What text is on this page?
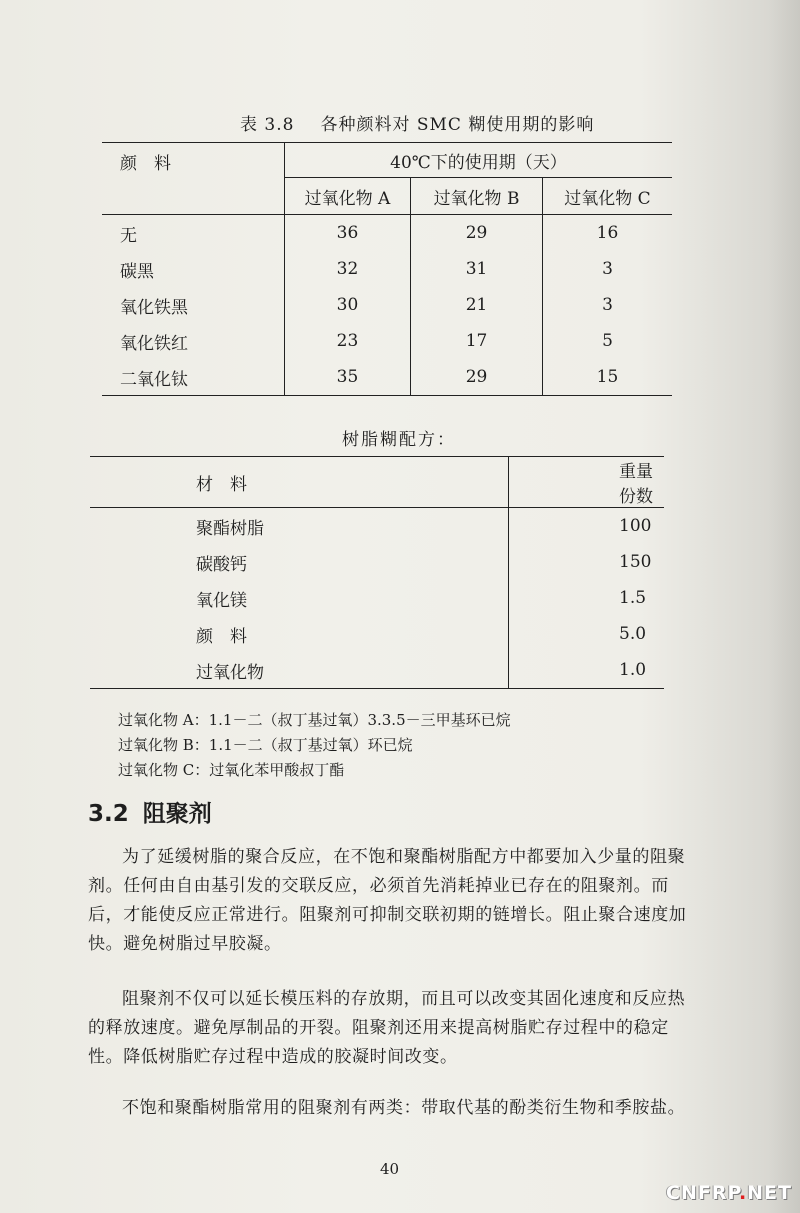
表 3.8 各种颜料对 SMC 糊使用期的影响
颜　料	40℃下的使用期（天）		
	过氧化物 A	过氧化物 B	过氧化物 C
无	36	29	16
碳黑	32	31	3
氧化铁黑	30	21	3
氧化铁红	23	17	5
二氧化钛	35	29	15
树脂糊配方：
材　料	重量份数
聚酯树脂	100
碳酸钙	150
氧化镁	1.5
颜　料	5.0
过氧化物	1.0
过氧化物 A：1.1－二（叔丁基过氧）3.3.5－三甲基环已烷
过氧化物 B：1.1－二（叔丁基过氧）环已烷
过氧化物 C：过氧化苯甲酸叔丁酯
3.2 阻聚剂

为了延缓树脂的聚合反应，在不饱和聚酯树脂配方中都要加入少量的阻聚剂。任何由自由基引发的交联反应，必须首先消耗掉业已存在的阻聚剂。而后，才能使反应正常进行。阻聚剂可抑制交联初期的链增长。阻止聚合速度加快。避免树脂过早胶凝。

阻聚剂不仅可以延长模压料的存放期，而且可以改变其固化速度和反应热的释放速度。避免厚制品的开裂。阻聚剂还用来提高树脂贮存过程中的稳定性。降低树脂贮存过程中造成的胶凝时间改变。

不饱和聚酯树脂常用的阻聚剂有两类：带取代基的酚类衍生物和季胺盐。

40
CNFRP.NET
